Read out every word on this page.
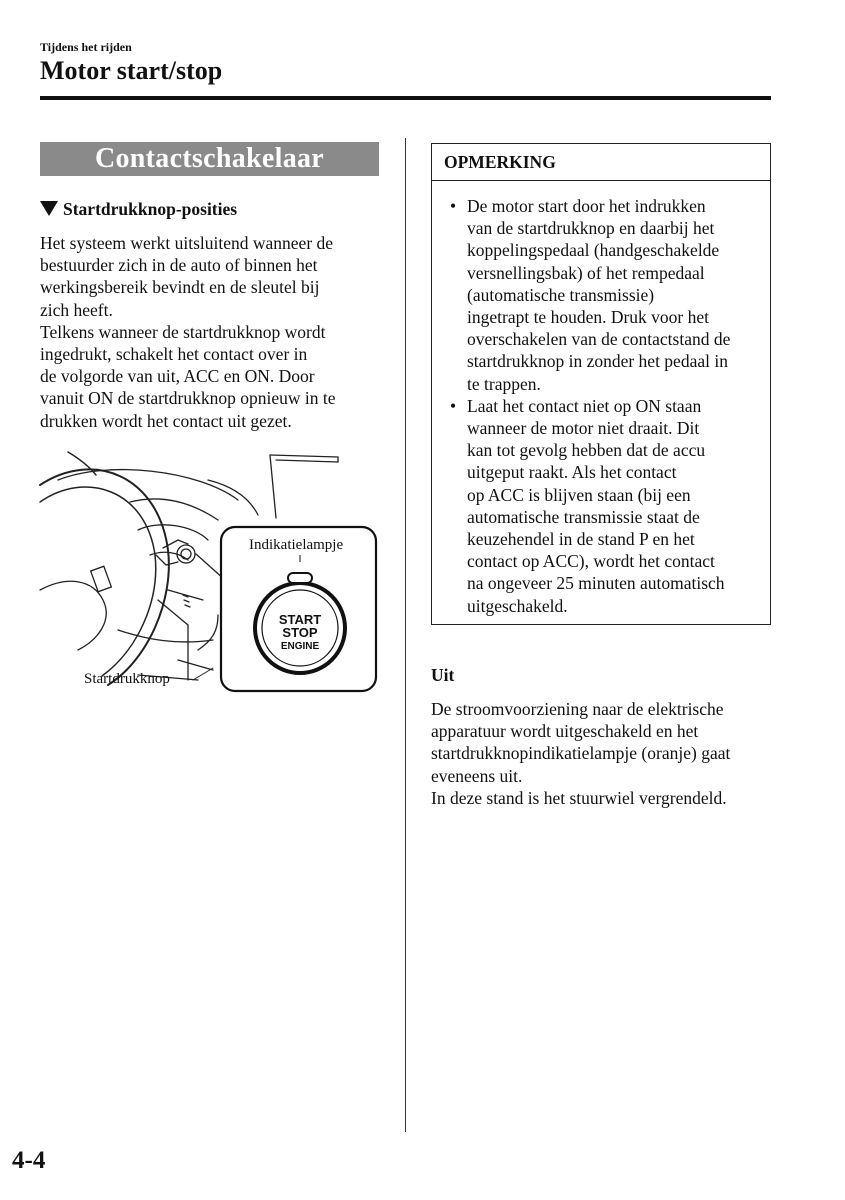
Tijdens het rijden
Motor start/stop
Contactschakelaar
Startdrukknop-posities
Het systeem werkt uitsluitend wanneer de
bestuurder zich in de auto of binnen het
werkingsbereik bevindt en de sleutel bij
zich heeft.
Telkens wanneer de startdrukknop wordt
ingedrukt, schakelt het contact over in
de volgorde van uit, ACC en ON. Door
vanuit ON de startdrukknop opnieuw in te
drukken wordt het contact uit gezet.
Indikatielampje
START
STOP
ENGINE
Startdrukknop
OPMERKING
• De motor start door het indrukken
van de startdrukknop en daarbij het
koppelingspedaal (handgeschakelde
versnellingsbak) of het rempedaal
(automatische transmissie)
ingetrapt te houden. Druk voor het
overschakelen van de contactstand de
startdrukknop in zonder het pedaal in
te trappen.
• Laat het contact niet op ON staan
wanneer de motor niet draait. Dit
kan tot gevolg hebben dat de accu
uitgeput raakt. Als het contact
op ACC is blijven staan (bij een
automatische transmissie staat de
keuzehendel in de stand P en het
contact op ACC), wordt het contact
na ongeveer 25 minuten automatisch
uitgeschakeld.
Uit
De stroomvoorziening naar de elektrische
apparatuur wordt uitgeschakeld en het
startdrukknopindikatielampje (oranje) gaat
eveneens uit.
In deze stand is het stuurwiel vergrendeld.
4-4
